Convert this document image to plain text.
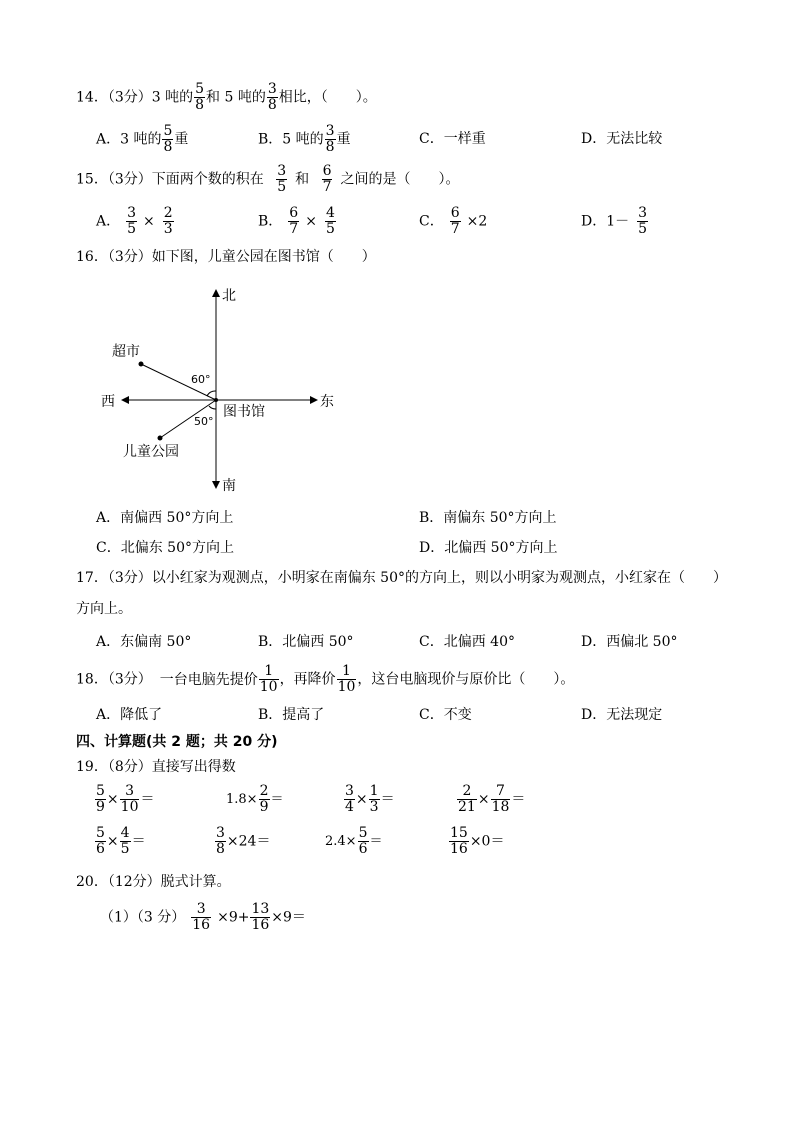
14．（3分）3 吨的 $\frac{5}{8}$ 和 5 吨的 $\frac{3}{8}$ 相比，（　　）。
A．3 吨的 $\frac{5}{8}$ 重	B．5 吨的 $\frac{3}{8}$ 重	C．一样重	D．无法比较
15．（3分）下面两个数的积在 $\frac{3}{5}$ 和 $\frac{6}{7}$ 之间的是（　　）。
A． $\frac{3}{5} \times \frac{2}{3}$	B． $\frac{6}{7} \times \frac{4}{5}$	C． $\frac{6}{7} \times 2$	D．$1- \frac{3}{5}$
16．（3分）如下图，儿童公园在图书馆（　　）
北
南
东
西
超市
儿童公园
图书馆
60°
50°
A．南偏西 50°方向上	B．南偏东 50°方向上
C．北偏东 50°方向上	D．北偏西 50°方向上
17．（3分）以小红家为观测点，小明家在南偏东 50°的方向上，则以小明家为观测点，小红家在（　　）
方向上。
A．东偏南 50°	B．北偏西 50°	C．北偏西 40°	D．西偏北 50°
18．（3分） 一台电脑先提价 $\frac{1}{10}$ ，再降价 $\frac{1}{10}$ ，这台电脑现价与原价比（　　）。
A．降低了	B．提高了	C．不变	D．无法现定
四、计算题(共 2 题；共 20 分)
19．（8分）直接写出得数
$\frac{5}{9} \times \frac{3}{10}$ ＝	$1.8\times \frac{2}{9}$ ＝	$\frac{3}{4} \times \frac{1}{3}$ ＝	$\frac{2}{21} \times \frac{7}{18}$ ＝
$\frac{5}{6} \times \frac{4}{5}$ ＝	$\frac{3}{8} \times 24=$	$2.4\times \frac{5}{6}$ ＝	$\frac{15}{16} \times 0=$
20．（12分）脱式计算。
（1）（3 分） $\frac{3}{16} \times 9+ \frac{13}{16} \times 9=$
